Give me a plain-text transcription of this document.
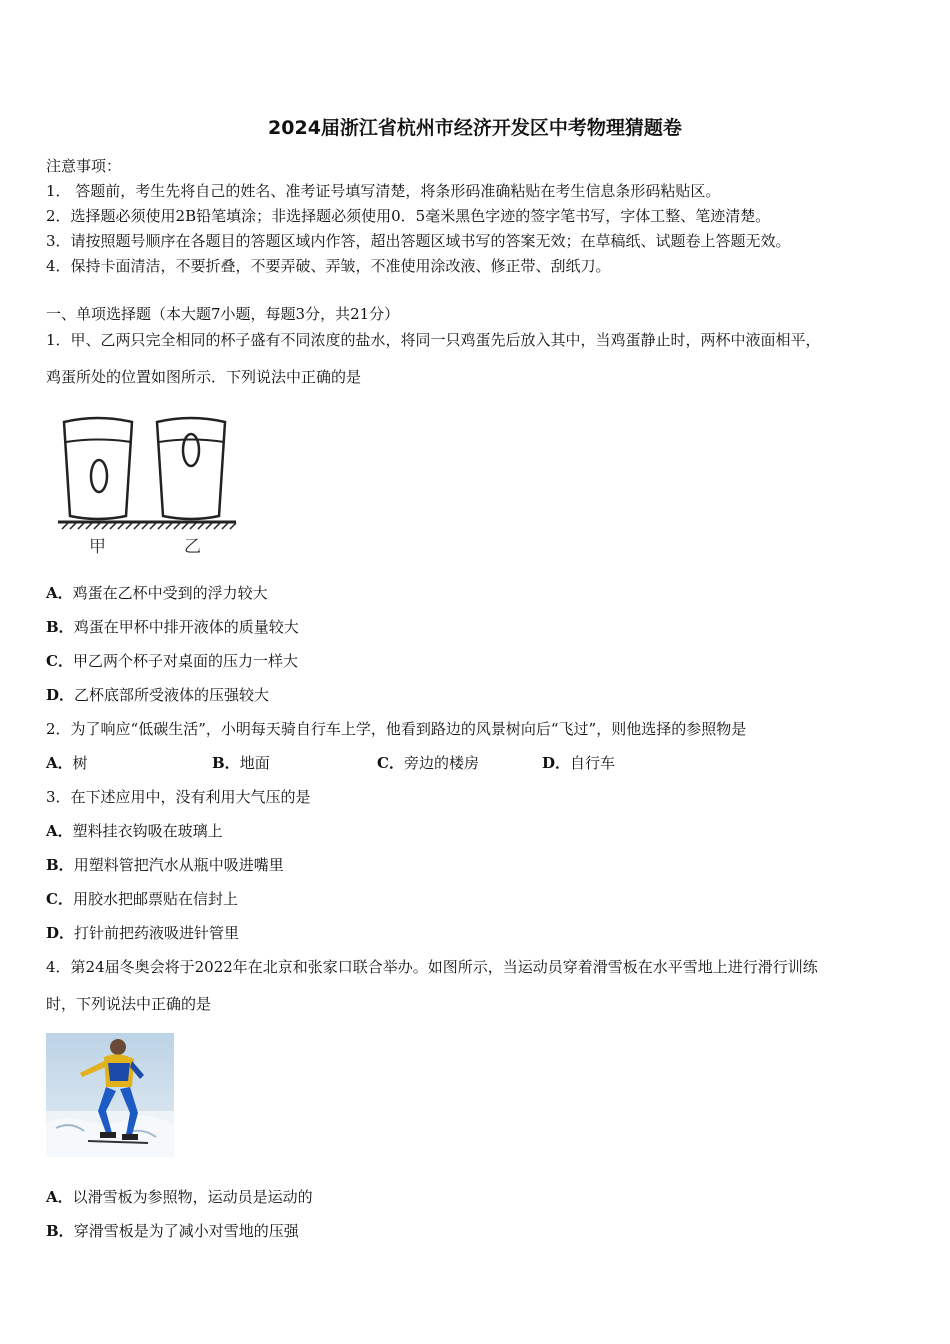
2024届浙江省杭州市经济开发区中考物理猜题卷
注意事项：
1． 答题前，考生先将自己的姓名、准考证号填写清楚，将条形码准确粘贴在考生信息条形码粘贴区。
2．选择题必须使用2B铅笔填涂；非选择题必须使用0．5毫米黑色字迹的签字笔书写，字体工整、笔迹清楚。
3．请按照题号顺序在各题目的答题区域内作答，超出答题区域书写的答案无效；在草稿纸、试题卷上答题无效。
4．保持卡面清洁，不要折叠，不要弄破、弄皱，不准使用涂改液、修正带、刮纸刀。
一、单项选择题（本大题7小题，每题3分，共21分）
1．甲、乙两只完全相同的杯子盛有不同浓度的盐水，将同一只鸡蛋先后放入其中，当鸡蛋静止时，两杯中液面相平，
鸡蛋所处的位置如图所示．下列说法中正确的是
甲	乙
A．鸡蛋在乙杯中受到的浮力较大
B．鸡蛋在甲杯中排开液体的质量较大
C．甲乙两个杯子对桌面的压力一样大
D．乙杯底部所受液体的压强较大
2．为了响应“低碳生活”，小明每天骑自行车上学，他看到路边的风景树向后“飞过”，则他选择的参照物是
A．树	B．地面	C．旁边的楼房	D．自行车
3．在下述应用中，没有利用大气压的是
A．塑料挂衣钩吸在玻璃上
B．用塑料管把汽水从瓶中吸进嘴里
C．用胶水把邮票贴在信封上
D．打针前把药液吸进针管里
4．第24届冬奥会将于2022年在北京和张家口联合举办。如图所示，当运动员穿着滑雪板在水平雪地上进行滑行训练
时，下列说法中正确的是
A．以滑雪板为参照物，运动员是运动的
B．穿滑雪板是为了减小对雪地的压强
